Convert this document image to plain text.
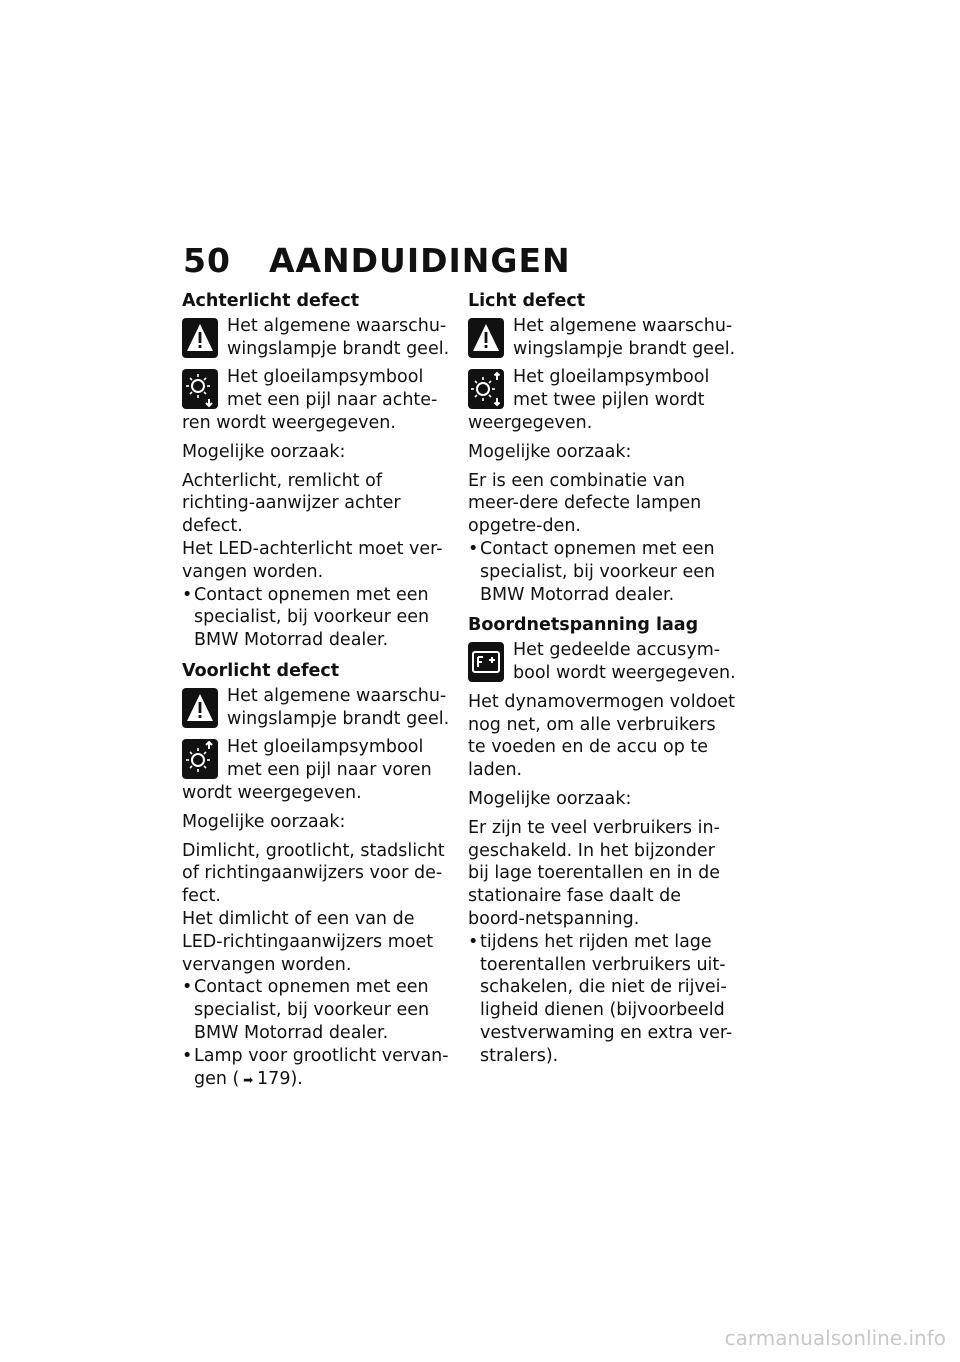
50 AANDUIDINGEN
Achterlicht defect

Het algemene waarschu-wingslampje brandt geel.

Het gloeilampsymbool met een pijl naar achte-ren wordt weergegeven.

Mogelijke oorzaak:

Achterlicht, remlicht of richting-aanwijzer achter defect.

Het LED-achterlicht moet ver-vangen worden.

• Contact opnemen met een specialist, bij voorkeur een BMW Motorrad dealer.
Voorlicht defect

Het algemene waarschu-wingslampje brandt geel.

Het gloeilampsymbool met een pijl naar voren wordt weergegeven.

Mogelijke oorzaak:

Dimlicht, grootlicht, stadslicht of richtingaanwijzers voor de-fect.

Het dimlicht of een van de LED-richtingaanwijzers moet vervangen worden.

• Contact opnemen met een specialist, bij voorkeur een BMW Motorrad dealer.
• Lamp voor grootlicht vervan-gen ( ➡ 179).
Licht defect

Het algemene waarschu-wingslampje brandt geel.

Het gloeilampsymbool met twee pijlen wordt weergegeven.

Mogelijke oorzaak:

Er is een combinatie van meer-dere defecte lampen opgetre-den.

• Contact opnemen met een specialist, bij voorkeur een BMW Motorrad dealer.
Boordnetspanning laag

Het gedeelde accusym-bool wordt weergegeven.

Het dynamovermogen voldoet nog net, om alle verbruikers te voeden en de accu op te laden.

Mogelijke oorzaak:

Er zijn te veel verbruikers in-geschakeld. In het bijzonder bij lage toerentallen en in de stationaire fase daalt de boord-netspanning.

• tijdens het rijden met lage toerentallen verbruikers uit-schakelen, die niet de rijvei-ligheid dienen (bijvoorbeeld vestverwaming en extra ver-stralers).
carmanualsonline.info
